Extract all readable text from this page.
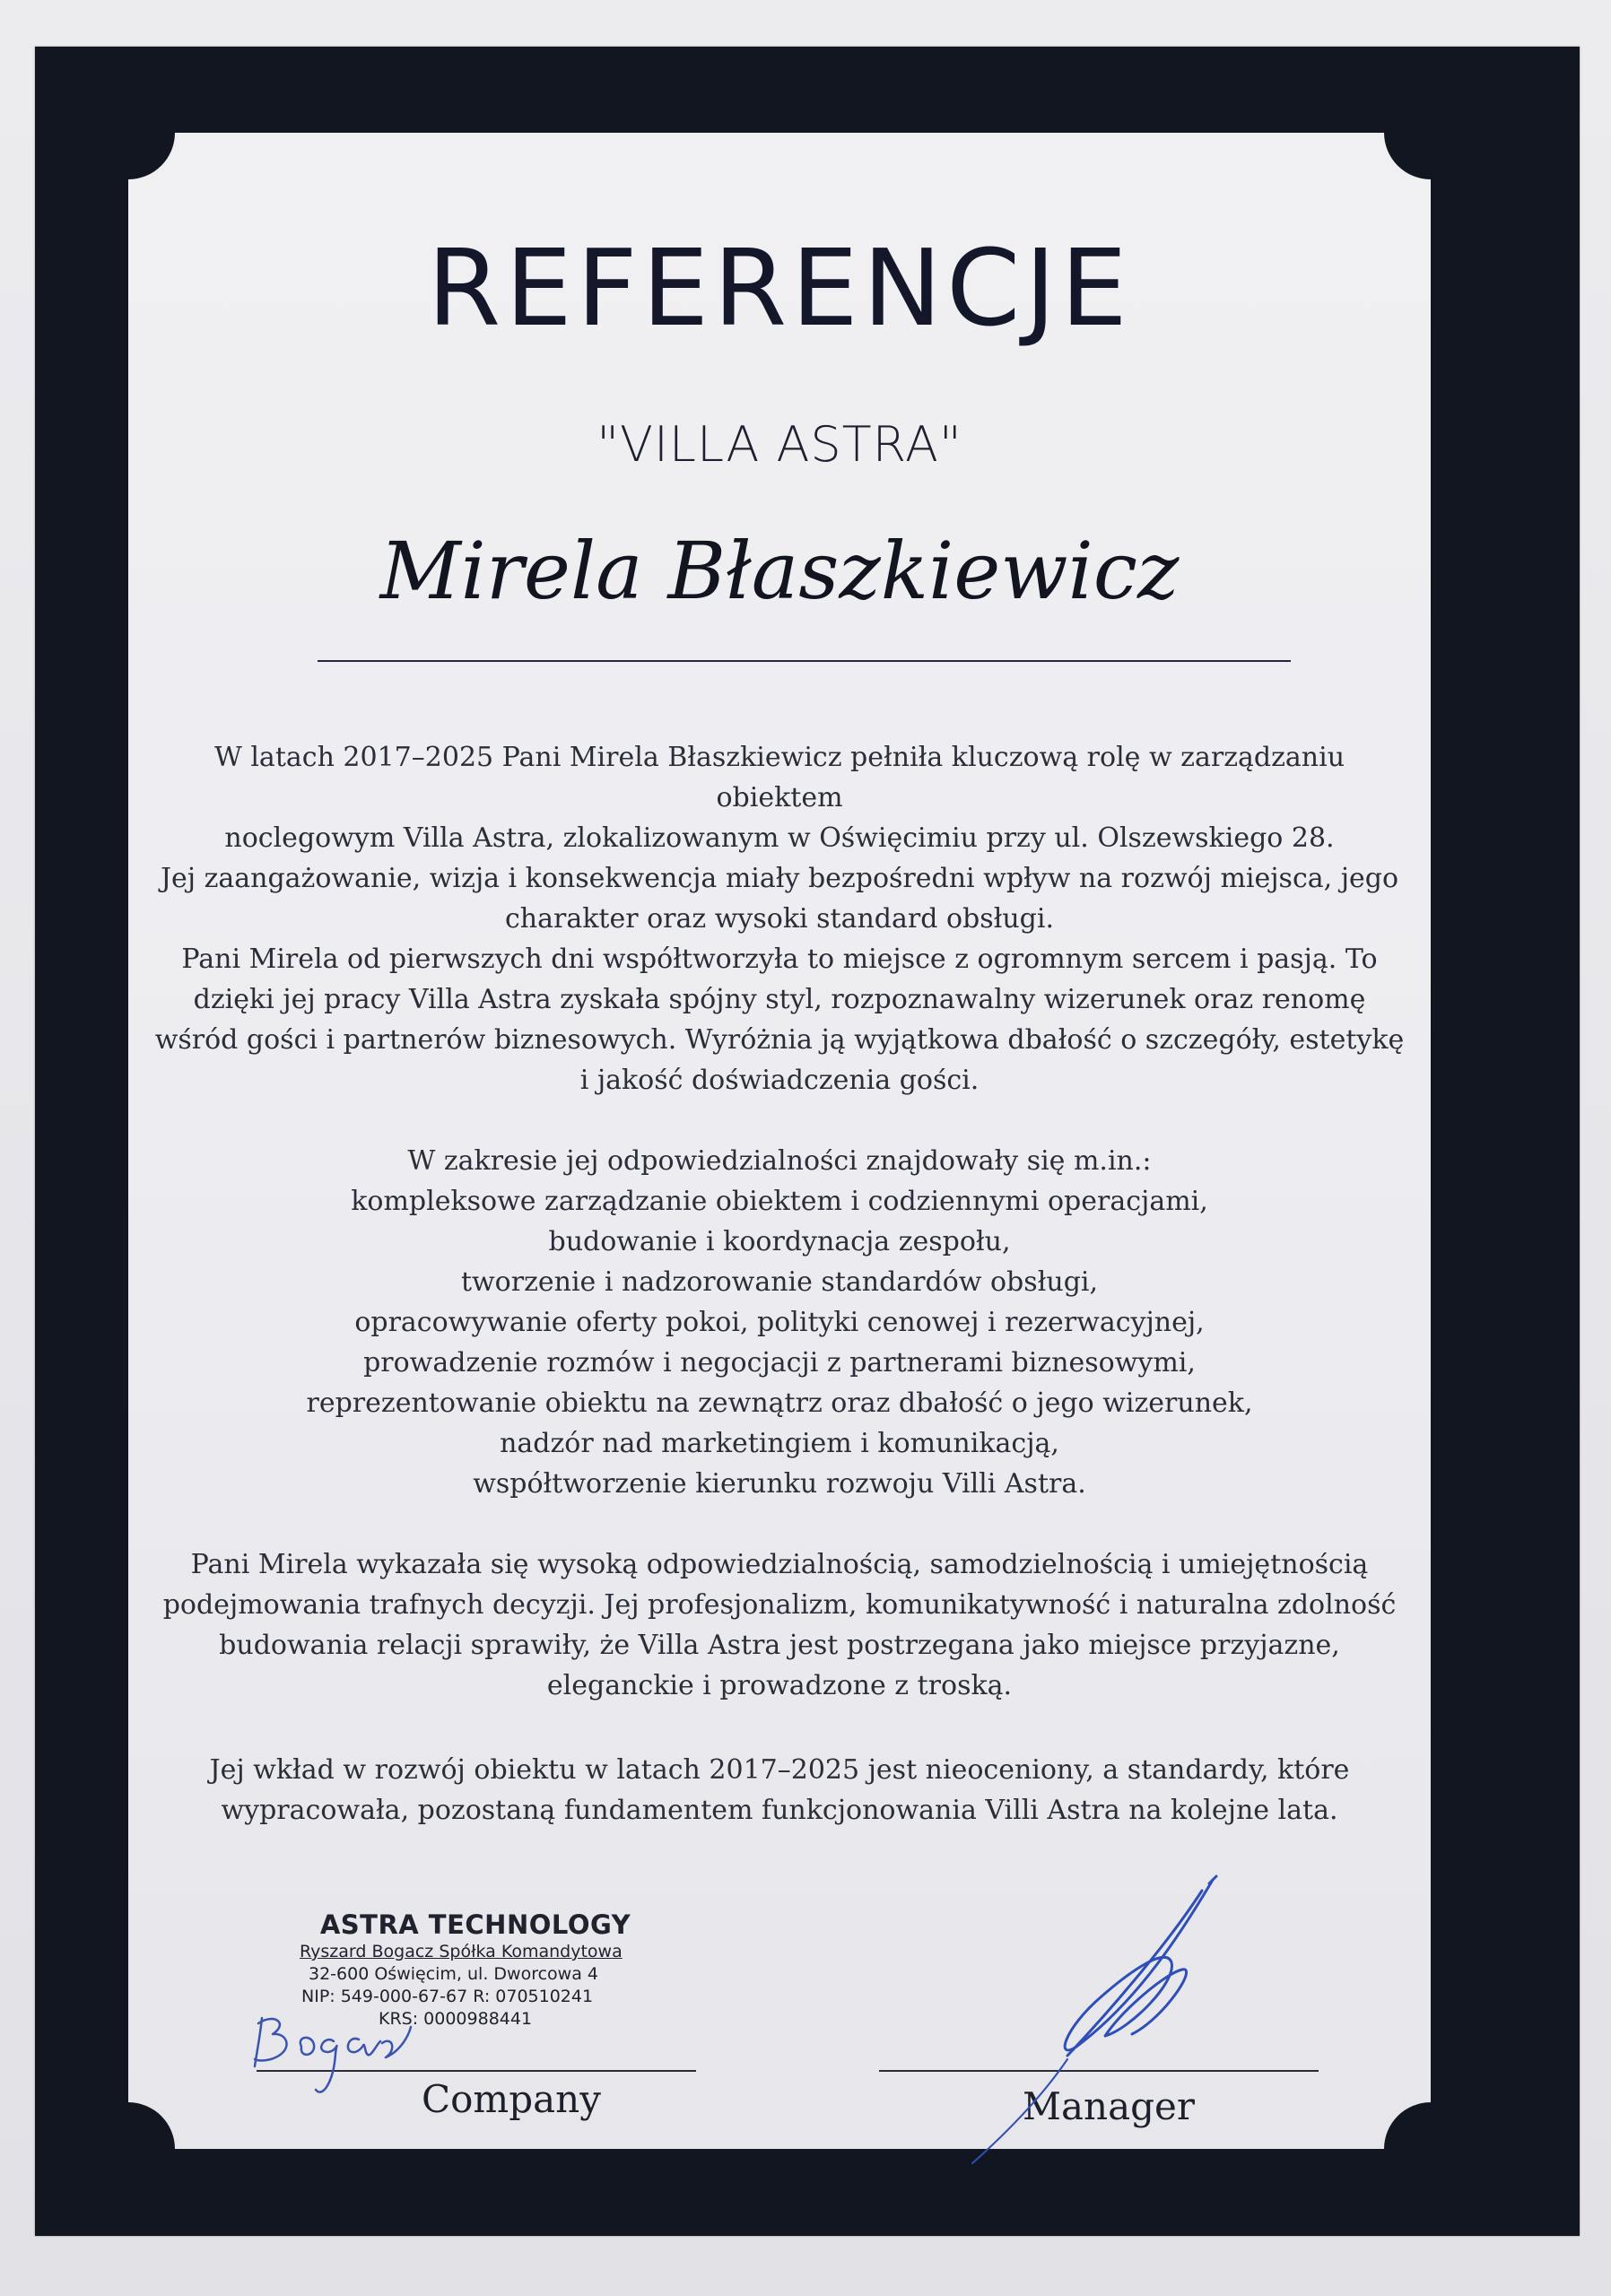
REFERENCJE
"VILLA ASTRA"
Mirela Błaszkiewicz
W latach 2017–2025 Pani Mirela Błaszkiewicz pełniła kluczową rolę w zarządzaniu obiektem
noclegowym Villa Astra, zlokalizowanym w Oświęcimiu przy ul. Olszewskiego 28.
Jej zaangażowanie, wizja i konsekwencja miały bezpośredni wpływ na rozwój miejsca, jego
charakter oraz wysoki standard obsługi.
Pani Mirela od pierwszych dni współtworzyła to miejsce z ogromnym sercem i pasją. To
dzięki jej pracy Villa Astra zyskała spójny styl, rozpoznawalny wizerunek oraz renomę
wśród gości i partnerów biznesowych. Wyróżnia ją wyjątkowa dbałość o szczegóły, estetykę
i jakość doświadczenia gości.
W zakresie jej odpowiedzialności znajdowały się m.in.:
kompleksowe zarządzanie obiektem i codziennymi operacjami,
budowanie i koordynacja zespołu,
tworzenie i nadzorowanie standardów obsługi,
opracowywanie oferty pokoi, polityki cenowej i rezerwacyjnej,
prowadzenie rozmów i negocjacji z partnerami biznesowymi,
reprezentowanie obiektu na zewnątrz oraz dbałość o jego wizerunek,
nadzór nad marketingiem i komunikacją,
współtworzenie kierunku rozwoju Villi Astra.
Pani Mirela wykazała się wysoką odpowiedzialnością, samodzielnością i umiejętnością
podejmowania trafnych decyzji. Jej profesjonalizm, komunikatywność i naturalna zdolność
budowania relacji sprawiły, że Villa Astra jest postrzegana jako miejsce przyjazne,
eleganckie i prowadzone z troską.
Jej wkład w rozwój obiektu w latach 2017–2025 jest nieoceniony, a standardy, które
wypracowała, pozostaną fundamentem funkcjonowania Villi Astra na kolejne lata.
ASTRA TECHNOLOGY
Ryszard Bogacz Spółka Komandytowa
32-600 Oświęcim, ul. Dworcowa 4
NIP: 549-000-67-67 R: 070510241
KRS: 0000988441
Company	Manager
